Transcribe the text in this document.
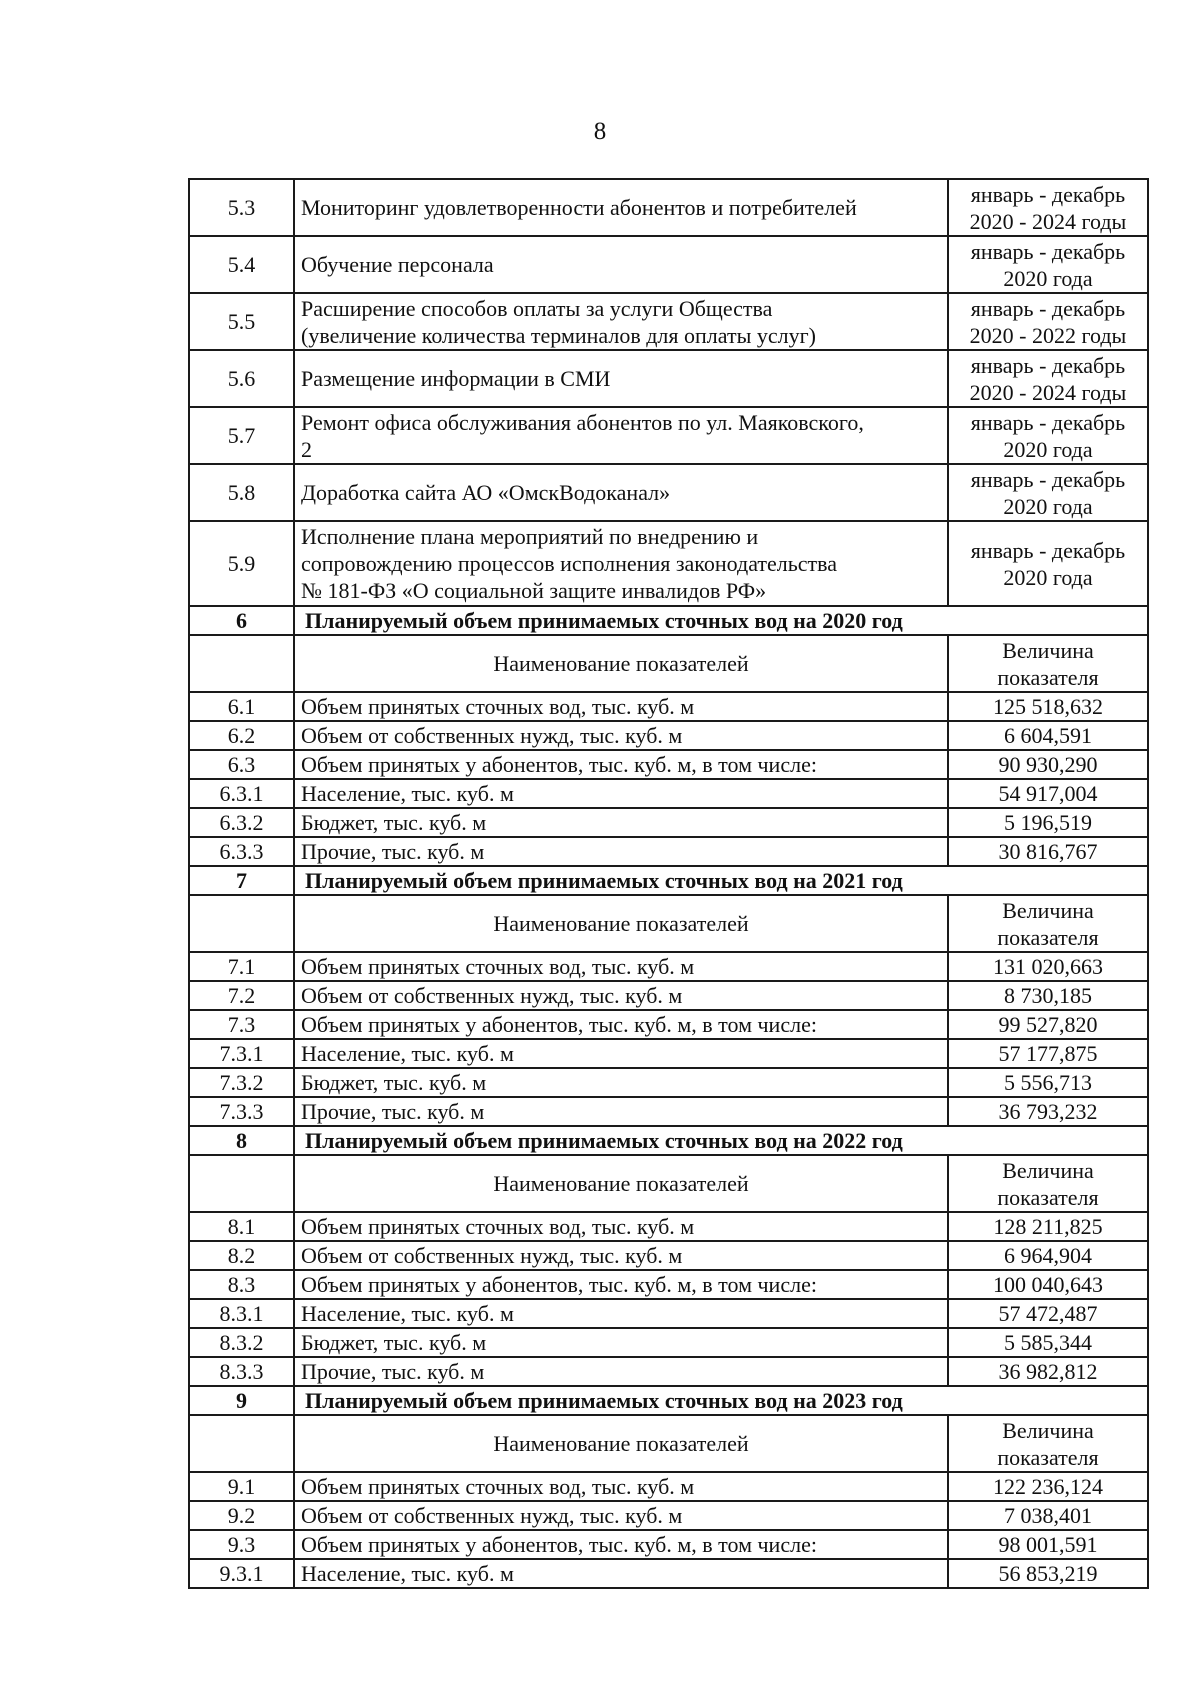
8
5.3	Мониторинг удовлетворенности абонентов и потребителей	январь - декабрь
2020 - 2024 годы
5.4	Обучение персонала	январь - декабрь
2020 года
5.5	Расширение способов оплаты за услуги Общества
(увеличение количества терминалов для оплаты услуг)	январь - декабрь
2020 - 2022 годы
5.6	Размещение информации в СМИ	январь - декабрь
2020 - 2024 годы
5.7	Ремонт офиса обслуживания абонентов по ул. Маяковского,
2	январь - декабрь
2020 года
5.8	Доработка сайта АО «ОмскВодоканал»	январь - декабрь
2020 года
5.9	Исполнение плана мероприятий по внедрению и
сопровождению процессов исполнения законодательства
№ 181-ФЗ «О социальной защите инвалидов РФ»	январь - декабрь
2020 года
6	Планируемый объем принимаемых сточных вод на 2020 год	
	Наименование показателей	Величина
показателя
6.1	Объем принятых сточных вод, тыс. куб. м	125 518,632
6.2	Объем от собственных нужд, тыс. куб. м	6 604,591
6.3	Объем принятых у абонентов, тыс. куб. м, в том числе:	90 930,290
6.3.1	Население, тыс. куб. м	54 917,004
6.3.2	Бюджет, тыс. куб. м	5 196,519
6.3.3	Прочие, тыс. куб. м	30 816,767
7	Планируемый объем принимаемых сточных вод на 2021 год	
	Наименование показателей	Величина
показателя
7.1	Объем принятых сточных вод, тыс. куб. м	131 020,663
7.2	Объем от собственных нужд, тыс. куб. м	8 730,185
7.3	Объем принятых у абонентов, тыс. куб. м, в том числе:	99 527,820
7.3.1	Население, тыс. куб. м	57 177,875
7.3.2	Бюджет, тыс. куб. м	5 556,713
7.3.3	Прочие, тыс. куб. м	36 793,232
8	Планируемый объем принимаемых сточных вод на 2022 год	
	Наименование показателей	Величина
показателя
8.1	Объем принятых сточных вод, тыс. куб. м	128 211,825
8.2	Объем от собственных нужд, тыс. куб. м	6 964,904
8.3	Объем принятых у абонентов, тыс. куб. м, в том числе:	100 040,643
8.3.1	Население, тыс. куб. м	57 472,487
8.3.2	Бюджет, тыс. куб. м	5 585,344
8.3.3	Прочие, тыс. куб. м	36 982,812
9	Планируемый объем принимаемых сточных вод на 2023 год	
	Наименование показателей	Величина
показателя
9.1	Объем принятых сточных вод, тыс. куб. м	122 236,124
9.2	Объем от собственных нужд, тыс. куб. м	7 038,401
9.3	Объем принятых у абонентов, тыс. куб. м, в том числе:	98 001,591
9.3.1	Население, тыс. куб. м	56 853,219
